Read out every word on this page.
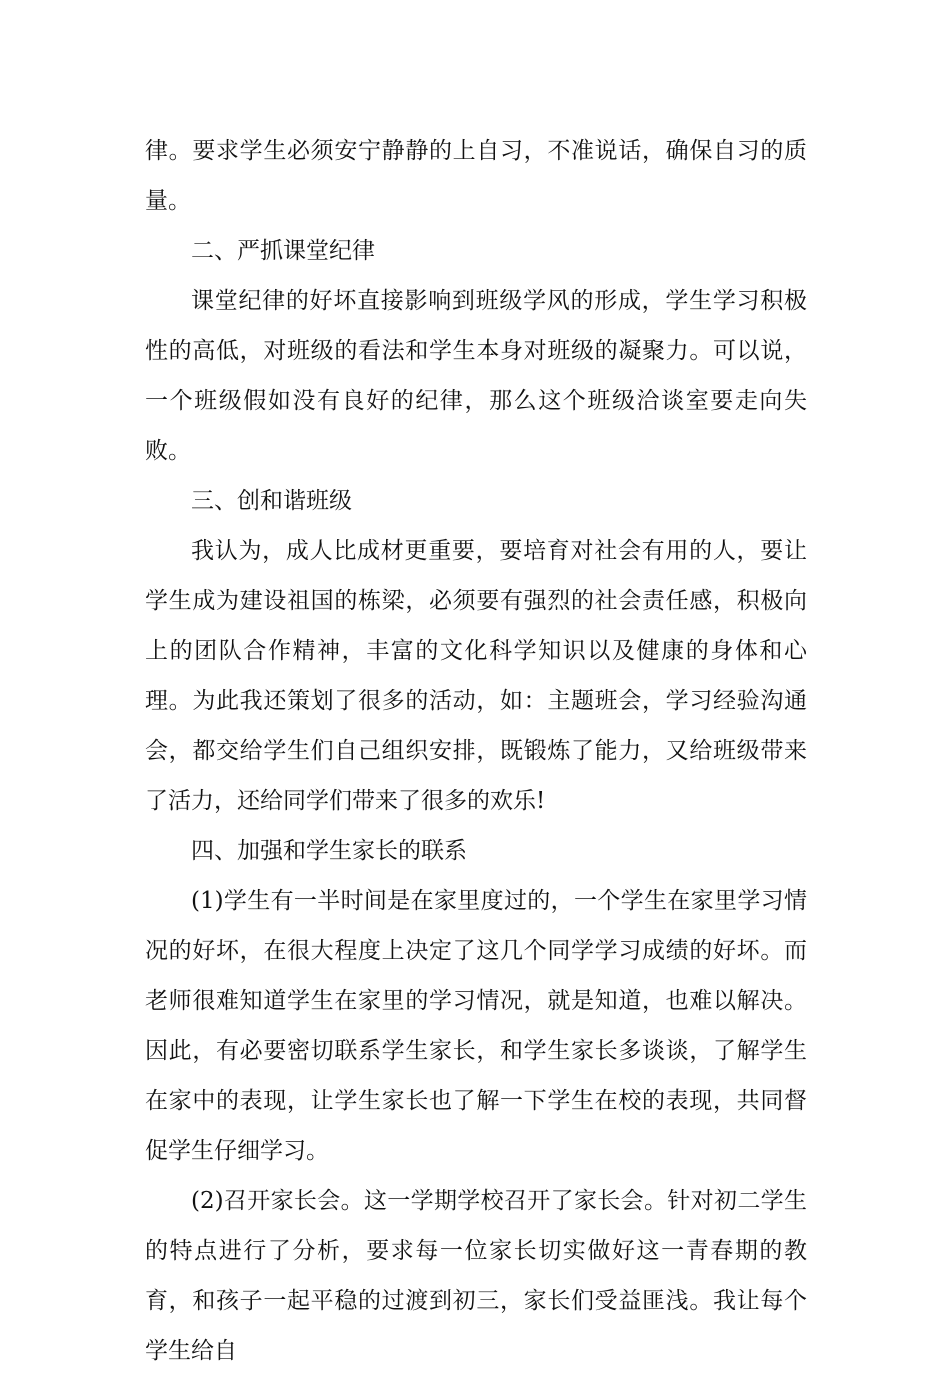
律。要求学生必须安宁静静的上自习，不准说话，确保自习的质量。

二、严抓课堂纪律

课堂纪律的好坏直接影响到班级学风的形成，学生学习积极性的高低，对班级的看法和学生本身对班级的凝聚力。可以说，一个班级假如没有良好的纪律，那么这个班级洽谈室要走向失败。

三、创和谐班级

我认为，成人比成材更重要，要培育对社会有用的人，要让学生成为建设祖国的栋梁，必须要有强烈的社会责任感，积极向上的团队合作精神，丰富的文化科学知识以及健康的身体和心理。为此我还策划了很多的活动，如：主题班会，学习经验沟通会，都交给学生们自己组织安排，既锻炼了能力，又给班级带来了活力，还给同学们带来了很多的欢乐!

四、加强和学生家长的联系

(1)学生有一半时间是在家里度过的，一个学生在家里学习情况的好坏，在很大程度上决定了这几个同学学习成绩的好坏。而老师很难知道学生在家里的学习情况，就是知道，也难以解决。因此，有必要密切联系学生家长，和学生家长多谈谈，了解学生在家中的表现，让学生家长也了解一下学生在校的表现，共同督促学生仔细学习。

(2)召开家长会。这一学期学校召开了家长会。针对初二学生的特点进行了分析，要求每一位家长切实做好这一青春期的教育，和孩子一起平稳的过渡到初三，家长们受益匪浅。我让每个学生给自
